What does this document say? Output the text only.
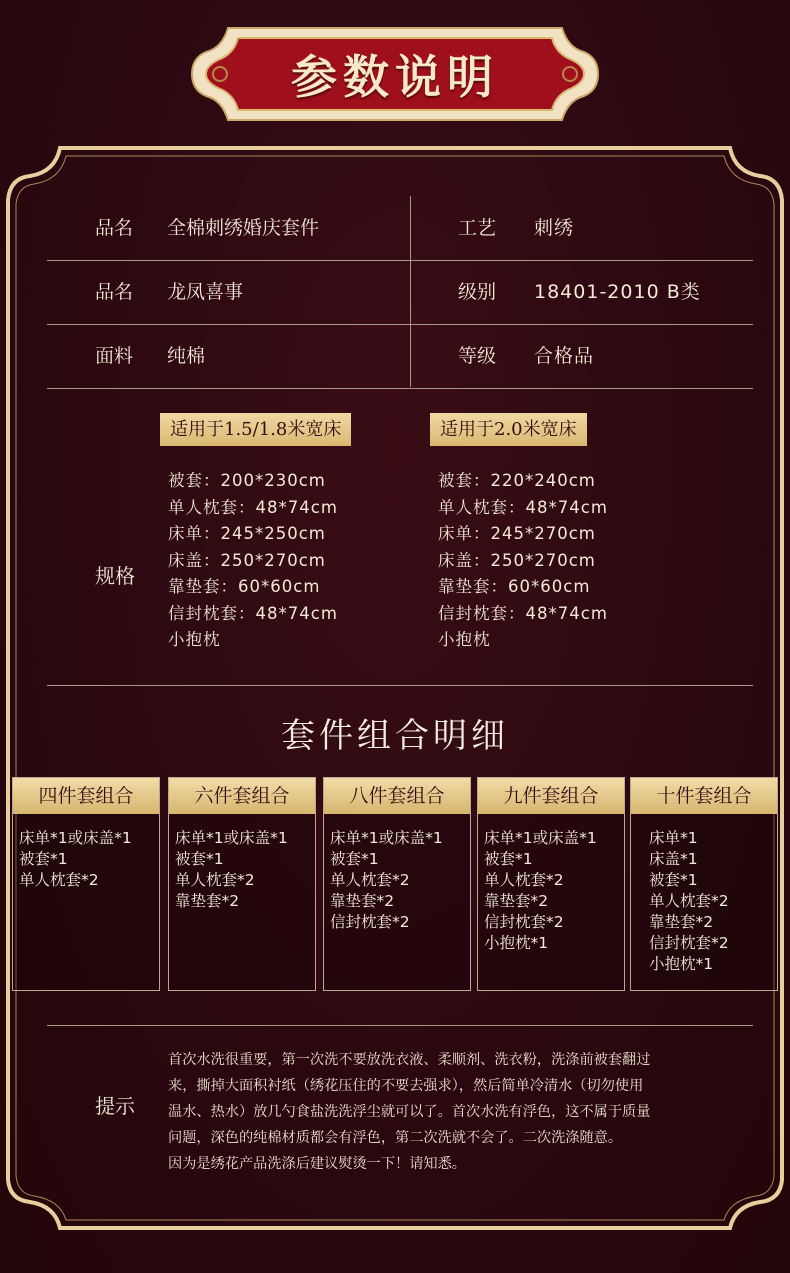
参数说明
品名 全棉刺绣婚庆套件	工艺 刺绣
品名 龙凤喜事	级别 18401-2010 B类
面料 纯棉	等级 合格品
规格
适用于1.5/1.8米宽床
被套：200*230cm
单人枕套：48*74cm
床单：245*250cm
床盖：250*270cm
靠垫套：60*60cm
信封枕套：48*74cm
小抱枕
适用于2.0米宽床
被套：220*240cm
单人枕套：48*74cm
床单：245*270cm
床盖：250*270cm
靠垫套：60*60cm
信封枕套：48*74cm
小抱枕
套件组合明细
四件套组合
床单*1或床盖*1
被套*1
单人枕套*2
六件套组合
床单*1或床盖*1
被套*1
单人枕套*2
靠垫套*2
八件套组合
床单*1或床盖*1
被套*1
单人枕套*2
靠垫套*2
信封枕套*2
九件套组合
床单*1或床盖*1
被套*1
单人枕套*2
靠垫套*2
信封枕套*2
小抱枕*1
十件套组合
床单*1
床盖*1
被套*1
单人枕套*2
靠垫套*2
信封枕套*2
小抱枕*1
提示

首次水洗很重要，第一次洗不要放洗衣液、柔顺剂、洗衣粉，洗涤前被套翻过
来，撕掉大面积衬纸（绣花压住的不要去强求），然后简单冷清水（切勿使用
温水、热水）放几勺食盐洗洗浮尘就可以了。首次水洗有浮色，这不属于质量
问题，深色的纯棉材质都会有浮色，第二次洗就不会了。二次洗涤随意。
因为是绣花产品洗涤后建议熨烫一下！请知悉。
